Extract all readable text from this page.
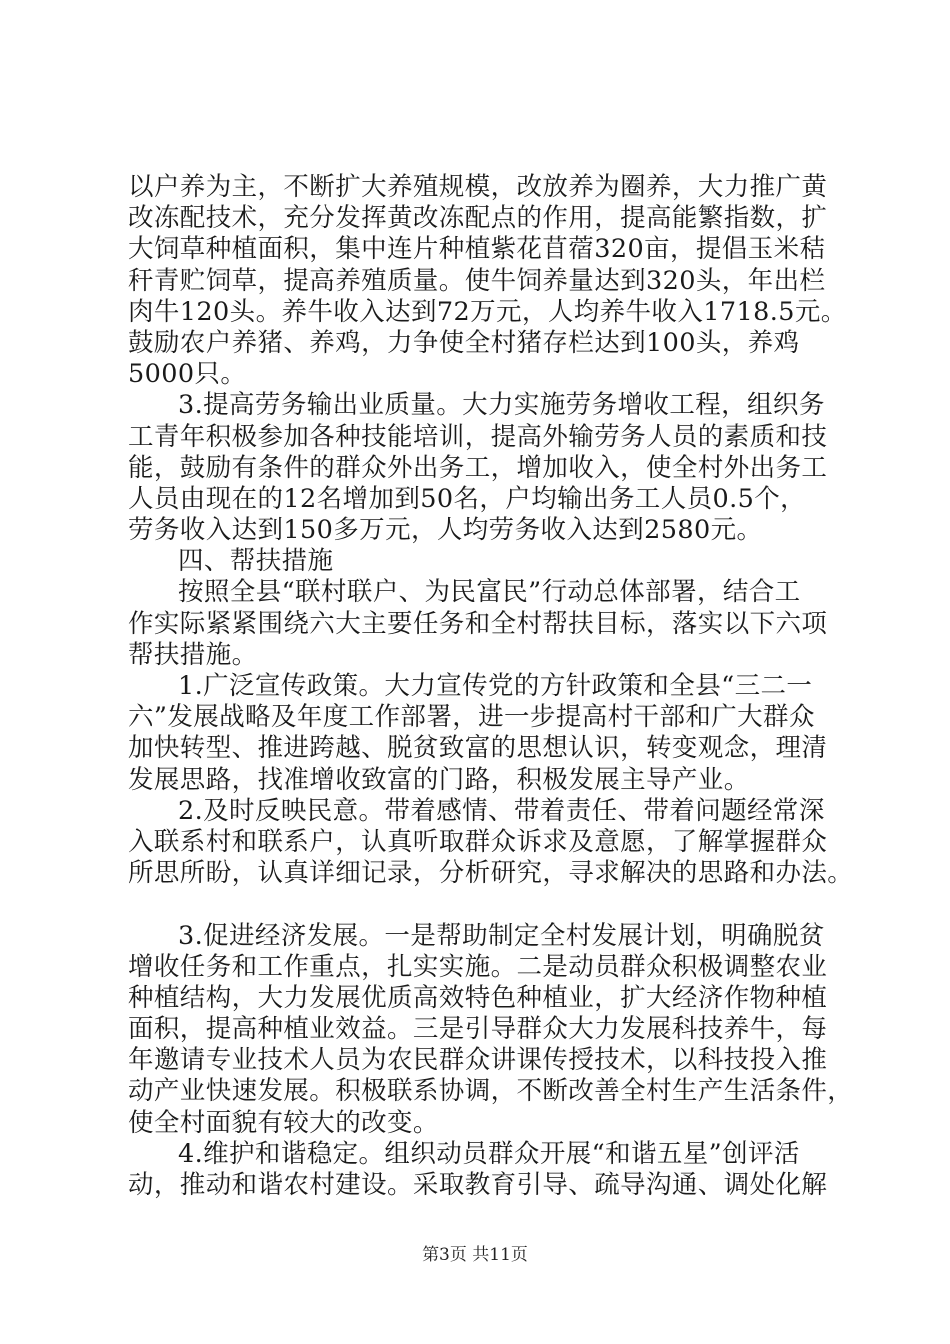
以户养为主，不断扩大养殖规模，改放养为圈养，大力推广黄
改冻配技术，充分发挥黄改冻配点的作用，提高能繁指数，扩
大饲草种植面积，集中连片种植紫花苜蓿320亩，提倡玉米秸
秆青贮饲草，提高养殖质量。使牛饲养量达到320头，年出栏
肉牛120头。养牛收入达到72万元，人均养牛收入1718.5元。
鼓励农户养猪、养鸡，力争使全村猪存栏达到100头，养鸡
5000只。
3.提高劳务输出业质量。大力实施劳务增收工程，组织务
工青年积极参加各种技能培训，提高外输劳务人员的素质和技
能，鼓励有条件的群众外出务工，增加收入，使全村外出务工
人员由现在的12名增加到50名，户均输出务工人员0.5个，
劳务收入达到150多万元，人均劳务收入达到2580元。
四、帮扶措施
按照全县“联村联户、为民富民”行动总体部署，结合工
作实际紧紧围绕六大主要任务和全村帮扶目标，落实以下六项
帮扶措施。
1.广泛宣传政策。大力宣传党的方针政策和全县“三二一
六”发展战略及年度工作部署，进一步提高村干部和广大群众
加快转型、推进跨越、脱贫致富的思想认识，转变观念，理清
发展思路，找准增收致富的门路，积极发展主导产业。
2.及时反映民意。带着感情、带着责任、带着问题经常深
入联系村和联系户，认真听取群众诉求及意愿，了解掌握群众
所思所盼，认真详细记录，分析研究，寻求解决的思路和办法。
3.促进经济发展。一是帮助制定全村发展计划，明确脱贫
增收任务和工作重点，扎实实施。二是动员群众积极调整农业
种植结构，大力发展优质高效特色种植业，扩大经济作物种植
面积，提高种植业效益。三是引导群众大力发展科技养牛，每
年邀请专业技术人员为农民群众讲课传授技术，以科技投入推
动产业快速发展。积极联系协调，不断改善全村生产生活条件，
使全村面貌有较大的改变。
4.维护和谐稳定。组织动员群众开展“和谐五星”创评活
动，推动和谐农村建设。采取教育引导、疏导沟通、调处化解
第3页 共11页
